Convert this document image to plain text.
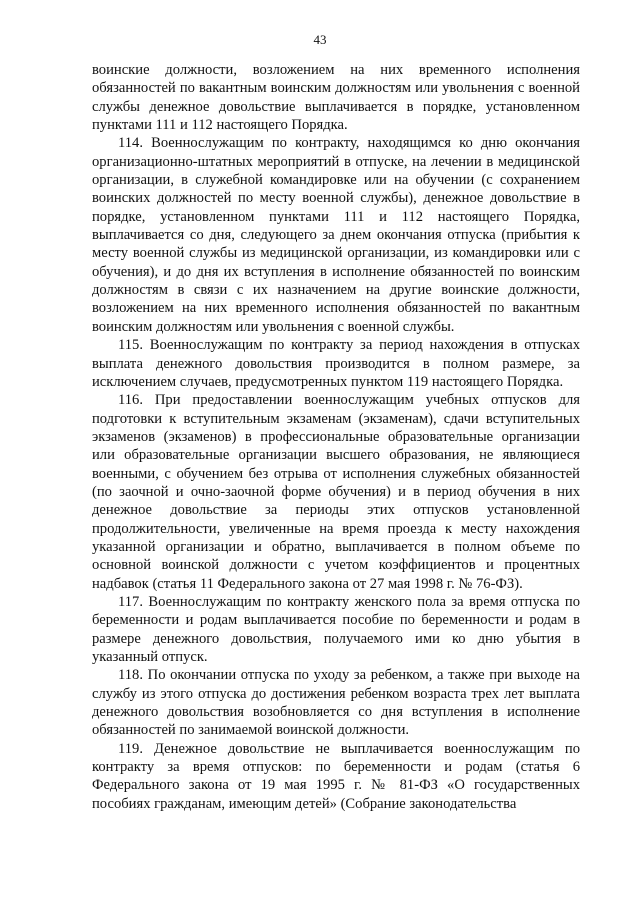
43

воинские должности, возложением на них временного исполнения обязанностей по вакантным воинским должностям или увольнения с военной службы денежное довольствие выплачивается в порядке, установленном пунктами 111 и 112 настоящего Порядка.

114. Военнослужащим по контракту, находящимся ко дню окончания организационно-штатных мероприятий в отпуске, на лечении в медицинской организации, в служебной командировке или на обучении (с сохранением воинских должностей по месту военной службы), денежное довольствие в порядке, установленном пунктами 111 и 112 настоящего Порядка, выплачивается со дня, следующего за днем окончания отпуска (прибытия к месту военной службы из медицинской организации, из командировки или с обучения), и до дня их вступления в исполнение обязанностей по воинским должностям в связи с их назначением на другие воинские должности, возложением на них временного исполнения обязанностей по вакантным воинским должностям или увольнения с военной службы.

115. Военнослужащим по контракту за период нахождения в отпусках выплата денежного довольствия производится в полном размере, за исключением случаев, предусмотренных пунктом 119 настоящего Порядка.

116. При предоставлении военнослужащим учебных отпусков для подготовки к вступительным экзаменам (экзаменам), сдачи вступительных экзаменов (экзаменов) в профессиональные образовательные организации или образовательные организации высшего образования, не являющиеся военными, с обучением без отрыва от исполнения служебных обязанностей (по заочной и очно-заочной форме обучения) и в период обучения в них денежное довольствие за периоды этих отпусков установленной продолжительности, увеличенные на время проезда к месту нахождения указанной организации и обратно, выплачивается в полном объеме по основной воинской должности с учетом коэффициентов и процентных надбавок (статья 11 Федерального закона от 27 мая 1998 г. № 76-ФЗ).

117. Военнослужащим по контракту женского пола за время отпуска по беременности и родам выплачивается пособие по беременности и родам в размере денежного довольствия, получаемого ими ко дню убытия в указанный отпуск.

118. По окончании отпуска по уходу за ребенком, а также при выходе на службу из этого отпуска до достижения ребенком возраста трех лет выплата денежного довольствия возобновляется со дня вступления в исполнение обязанностей по занимаемой воинской должности.

119. Денежное довольствие не выплачивается военнослужащим по контракту за время отпусков: по беременности и родам (статья 6 Федерального закона от 19 мая 1995 г. № 81-ФЗ «О государственных пособиях гражданам, имеющим детей» (Собрание законодательства
